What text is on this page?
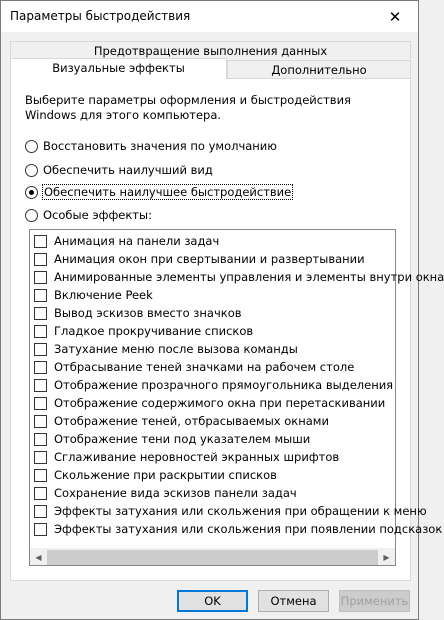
Параметры быстродействия	✕
Предотвращение выполнения данных
Дополнительно
Визуальные эффекты
Выберите параметры оформления и быстродействия Windows для этого компьютера.
Восстановить значения по умолчанию
Обеспечить наилучший вид
Обеспечить наилучшее быстродействие
Особые эффекты:
Анимация на панели задач
Анимация окон при свертывании и развертывании
Анимированные элементы управления и элементы внутри окна
Включение Peek
Вывод эскизов вместо значков
Гладкое прокручивание списков
Затухание меню после вызова команды
Отбрасывание теней значками на рабочем столе
Отображение прозрачного прямоугольника выделения
Отображение содержимого окна при перетаскивании
Отображение теней, отбрасываемых окнами
Отображение тени под указателем мыши
Сглаживание неровностей экранных шрифтов
Скольжение при раскрытии списков
Сохранение вида эскизов панели задач
Эффекты затухания или скольжения при обращении к меню
Эффекты затухания или скольжения при появлении подсказок
◀	▶
OK	Отмена	Применить
